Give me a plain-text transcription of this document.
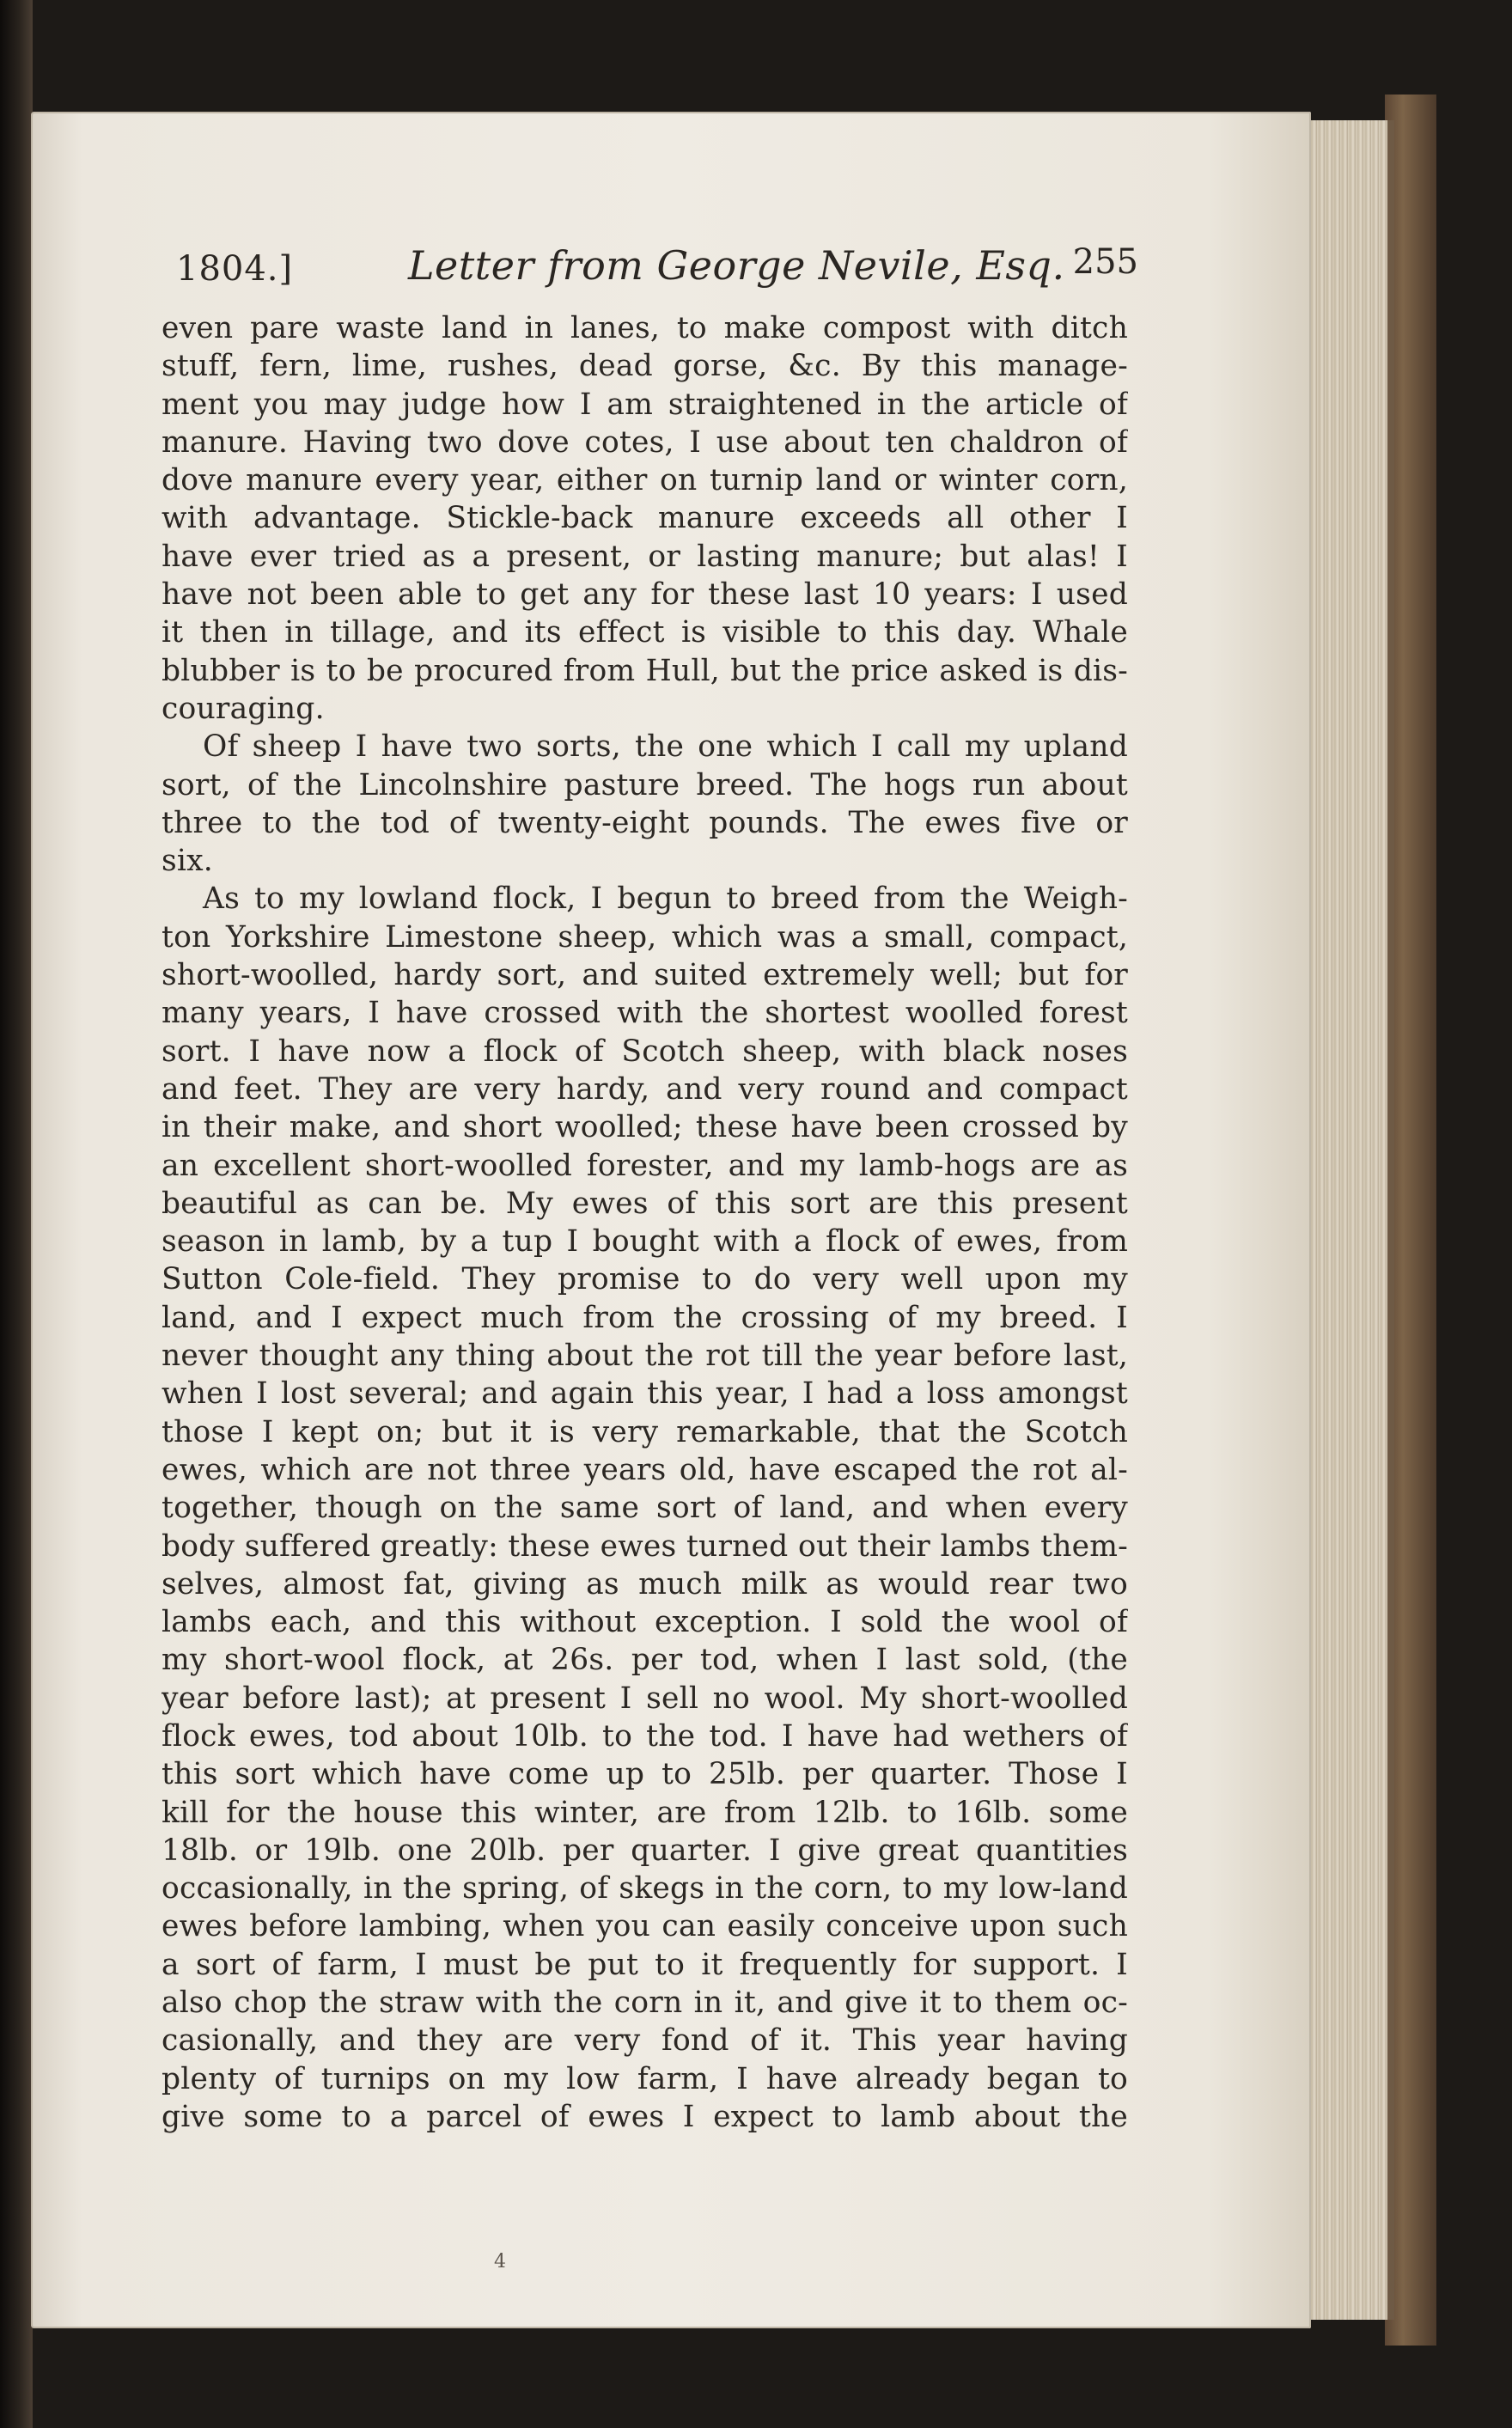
1804.]	Letter from George Nevile, Esq. 255
even pare waste land in lanes, to make compost with ditch
stuff, fern, lime, rushes, dead gorse, &c. By this manage-
ment you may judge how I am straightened in the article of
manure. Having two dove cotes, I use about ten chaldron of
dove manure every year, either on turnip land or winter corn,
with advantage. Stickle-back manure exceeds all other I
have ever tried as a present, or lasting manure; but alas! I
have not been able to get any for these last 10 years: I used
it then in tillage, and its effect is visible to this day. Whale
blubber is to be procured from Hull, but the price asked is dis-
couraging.
Of sheep I have two sorts, the one which I call my upland
sort, of the Lincolnshire pasture breed. The hogs run about
three to the tod of twenty-eight pounds. The ewes five or
six.
As to my lowland flock, I begun to breed from the Weigh-
ton Yorkshire Limestone sheep, which was a small, compact,
short-woolled, hardy sort, and suited extremely well; but for
many years, I have crossed with the shortest woolled forest
sort. I have now a flock of Scotch sheep, with black noses
and feet. They are very hardy, and very round and compact
in their make, and short woolled; these have been crossed by
an excellent short-woolled forester, and my lamb-hogs are as
beautiful as can be. My ewes of this sort are this present
season in lamb, by a tup I bought with a flock of ewes, from
Sutton Cole-field. They promise to do very well upon my
land, and I expect much from the crossing of my breed. I
never thought any thing about the rot till the year before last,
when I lost several; and again this year, I had a loss amongst
those I kept on; but it is very remarkable, that the Scotch
ewes, which are not three years old, have escaped the rot al-
together, though on the same sort of land, and when every
body suffered greatly: these ewes turned out their lambs them-
selves, almost fat, giving as much milk as would rear two
lambs each, and this without exception. I sold the wool of
my short-wool flock, at 26s. per tod, when I last sold, (the
year before last); at present I sell no wool. My short-woolled
flock ewes, tod about 10lb. to the tod. I have had wethers of
this sort which have come up to 25lb. per quarter. Those I
kill for the house this winter, are from 12lb. to 16lb. some
18lb. or 19lb. one 20lb. per quarter. I give great quantities
occasionally, in the spring, of skegs in the corn, to my low-land
ewes before lambing, when you can easily conceive upon such
a sort of farm, I must be put to it frequently for support. I
also chop the straw with the corn in it, and give it to them oc-
casionally, and they are very fond of it. This year having
plenty of turnips on my low farm, I have already began to
give some to a parcel of ewes I expect to lamb about the
4
